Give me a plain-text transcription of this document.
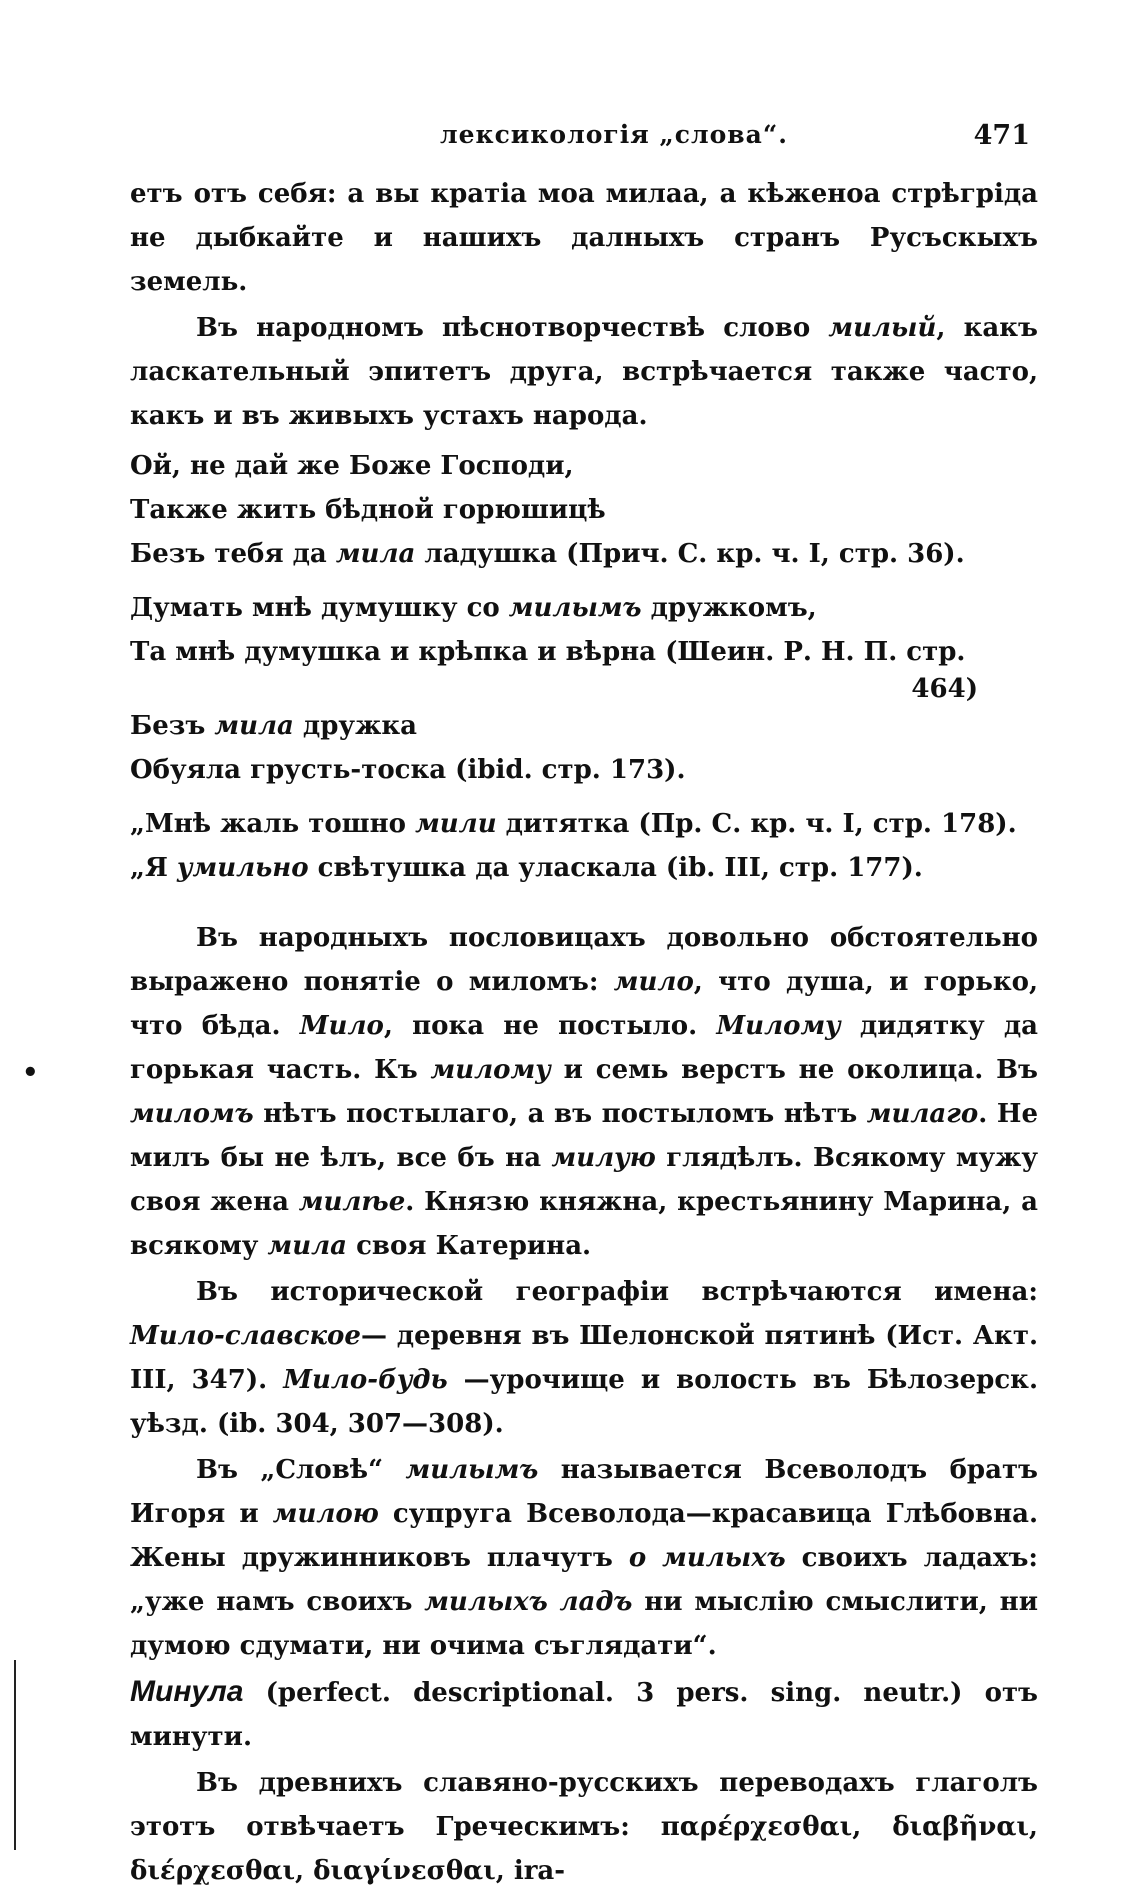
лексикологія „слова“.	471
•

етъ отъ себя: а вы кратіа моа милаа, а кѣженоа стрѣгріда не дыбкайте и нашихъ далныхъ странъ Русъскыхъ земель.

Въ народномъ пѣснотворчествѣ слово милый, какъ ласкательный эпитетъ друга, встрѣчается также часто, какъ и въ живыхъ устахъ народа.

Ой, не дай же Боже Господи,
Также жить бѣдной горюшицѣ
Безъ тебя да мила ладушка (Прич. С. кр. ч. I, стр. 36).
Думать мнѣ думушку со милымъ дружкомъ,
Та мнѣ думушка и крѣпка и вѣрна (Шеин. Р. Н. П. стр.
464)
Безъ мила дружка
Обуяла грусть-тоска (ibid. стр. 173).
„Мнѣ жаль тошно мили дитятка (Пр. С. кр. ч. I, стр. 178).
„Я умильно свѣтушка да уласкала (ib. III, стр. 177).

Въ народныхъ пословицахъ довольно обстоятельно выражено понятіе о миломъ: мило, что душа, и горько, что бѣда. Мило, пока не постыло. Милому дидятку да горькая часть. Къ милому и семь верстъ не околица. Въ миломъ нѣтъ постылаго, а въ постыломъ нѣтъ милаго. Не милъ бы не ѣлъ, все бъ на милую глядѣлъ. Всякому мужу своя жена милѣе. Князю княжна, крестьянину Марина, а всякому мила своя Катерина.

Въ исторической географіи встрѣчаются имена: Мило-славское— деревня въ Шелонской пятинѣ (Ист. Акт. III, 347). Мило-будь —урочище и волость въ Бѣлозерск. уѣзд. (ib. 304, 307—308).

Въ „Словѣ“ милымъ называется Всеволодъ братъ Игоря и милою супруга Всеволода—красавица Глѣбовна. Жены дружинниковъ плачутъ о милыхъ своихъ ладахъ: „уже намъ своихъ милыхъ ладъ ни мыслію смыслити, ни думою сдумати, ни очима съглядати“.

Минула (perfect. descriptional. 3 pers. sing. neutr.) отъ минути.

Въ древнихъ славяно-русскихъ переводахъ глаголъ этотъ отвѣчаетъ Греческимъ: παρέρχεσθαι, διαβῆναι, διέρχεσθαι, διαγίνεσθαι, ira-
